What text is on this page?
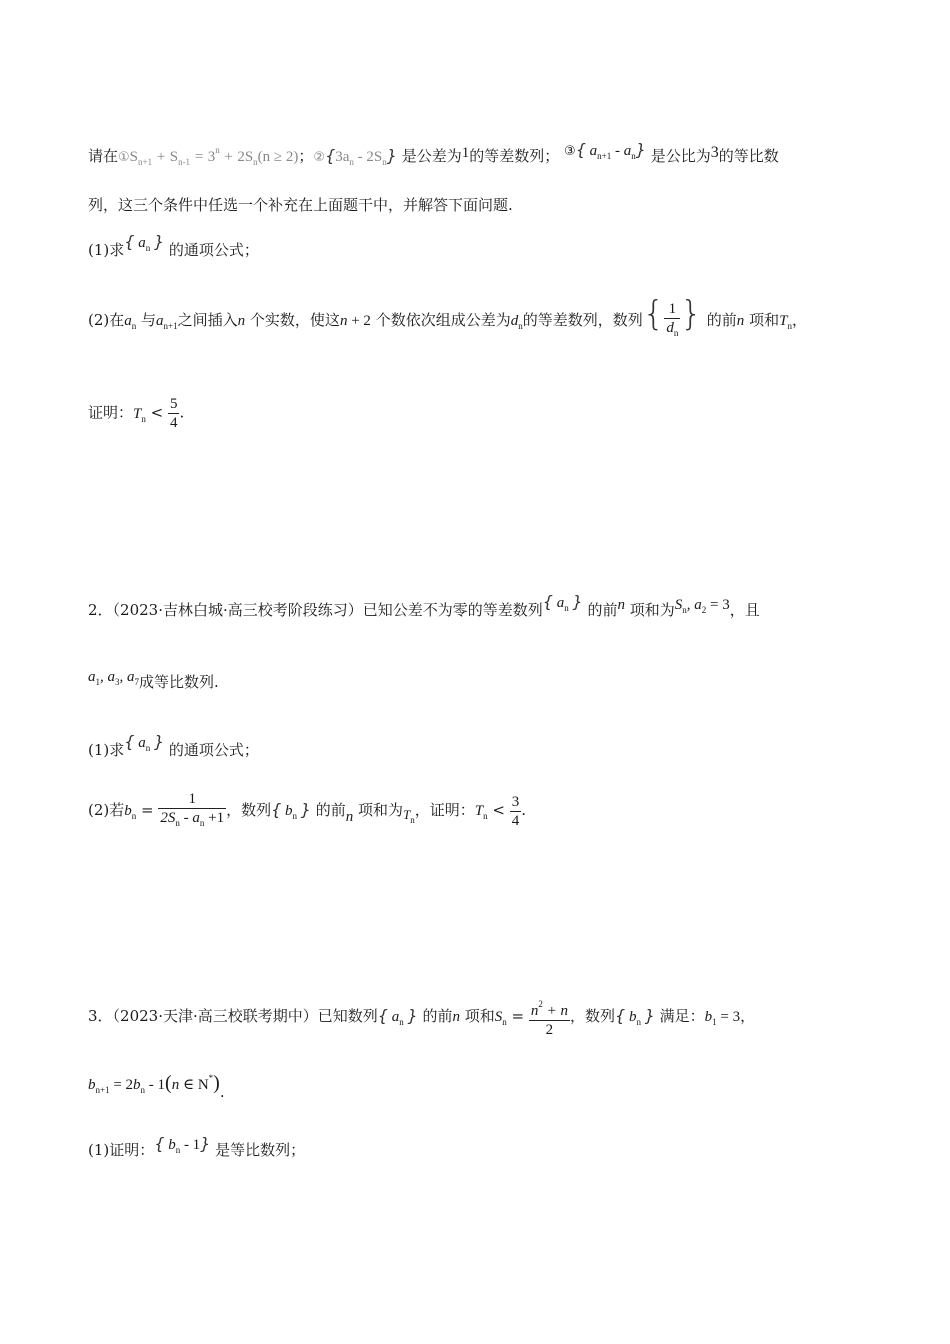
请在$①S_{n+1} + S_{n-1} = 3^n + 2S_n(n \ge 2)$；$②\{3a_n - 2S_n\}$ 是公差为1的等差数列； ③{ $a_{n+1} - a_n$} 是公比为3的等比数
列，这三个条件中任选一个补充在上面题干中，并解答下面问题.
(1)求{ $a_n$ } 的通项公式；
(2)在$a_n$ 与$a_{n+1}$之间插入n 个实数，使这n + 2 个数依次组成公差为$d_n$的等差数列，数列{ $\frac{1}{d_n}$ } 的前n 项和$T_n$，
证明：$T_n < \frac{5}{4}$ .
2．（2023·吉林白城·高三校考阶段练习）已知公差不为零的等差数列{ $a_n$ } 的前n 项和为$S_n$, $a_2 = 3$，且
$a_1$, $a_3$, $a_7$成等比数列.
(1)求{ $a_n$ } 的通项公式；
(2)若$b_n = \frac{1}{2S_n - a_n +1}$ ，数列{ $b_n$ } 的前n 项和为$T_n$，证明：$T_n < \frac{3}{4}$ .
3．（2023·天津·高三校联考期中）已知数列{ $a_n$ } 的前n 项和$S_n = \frac{n^2 + n}{2}$ ，数列{ $b_n$ } 满足：$b_1 = 3$，
$b_{n+1} = 2b_n - 1(n$ ∈ N*).
(1)证明：{ $b_n - 1$} 是等比数列；
